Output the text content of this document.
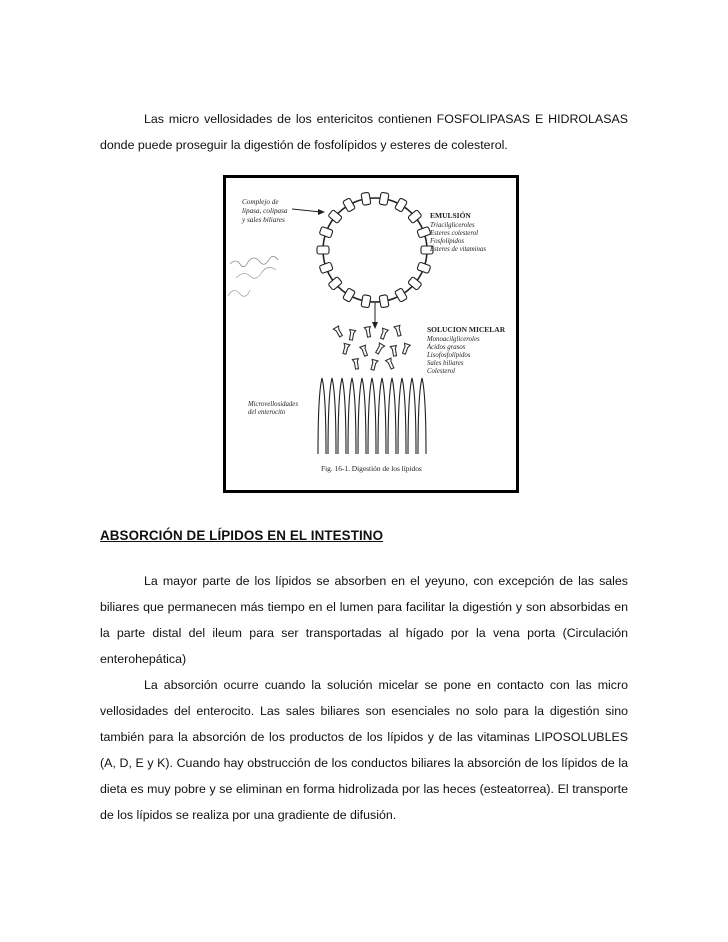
Las micro vellosidades de los entericitos contienen FOSFOLIPASAS E HIDROLASAS donde puede proseguir la digestión de fosfolípidos y esteres de colesterol.

Complejo de
lipasa, colipasa
y sales biliares	EMULSIÓN
Triacilgliceroles
Esteres colesterol
Fosfolípidos
Ésteres de vitaminas
SOLUCION MICELAR
Monoacilgliceroles
Ácidos grasos
Lisofosfolípidos
Sales biliares
Colesterol
Microvellosidades
del enterocito
Fig. 16-1. Digestión de los lípidos
ABSORCIÓN DE LÍPIDOS EN EL INTESTINO

La mayor parte de los lípidos se absorben en el yeyuno, con excepción de las sales biliares que permanecen más tiempo en el lumen para facilitar la digestión y son absorbidas en la parte distal del ileum para ser transportadas al hígado por la vena porta (Circulación enterohepática)

La absorción ocurre cuando la solución micelar se pone en contacto con las micro vellosidades del enterocito. Las sales biliares son esenciales no solo para la digestión sino también para la absorción de los productos de los lípidos y de las vitaminas LIPOSOLUBLES (A, D, E y K). Cuando hay obstrucción de los conductos biliares la absorción de los lípidos de la dieta es muy pobre y se eliminan en forma hidrolizada por las heces (esteatorrea). El transporte de los lípidos se realiza por una gradiente de difusión.
